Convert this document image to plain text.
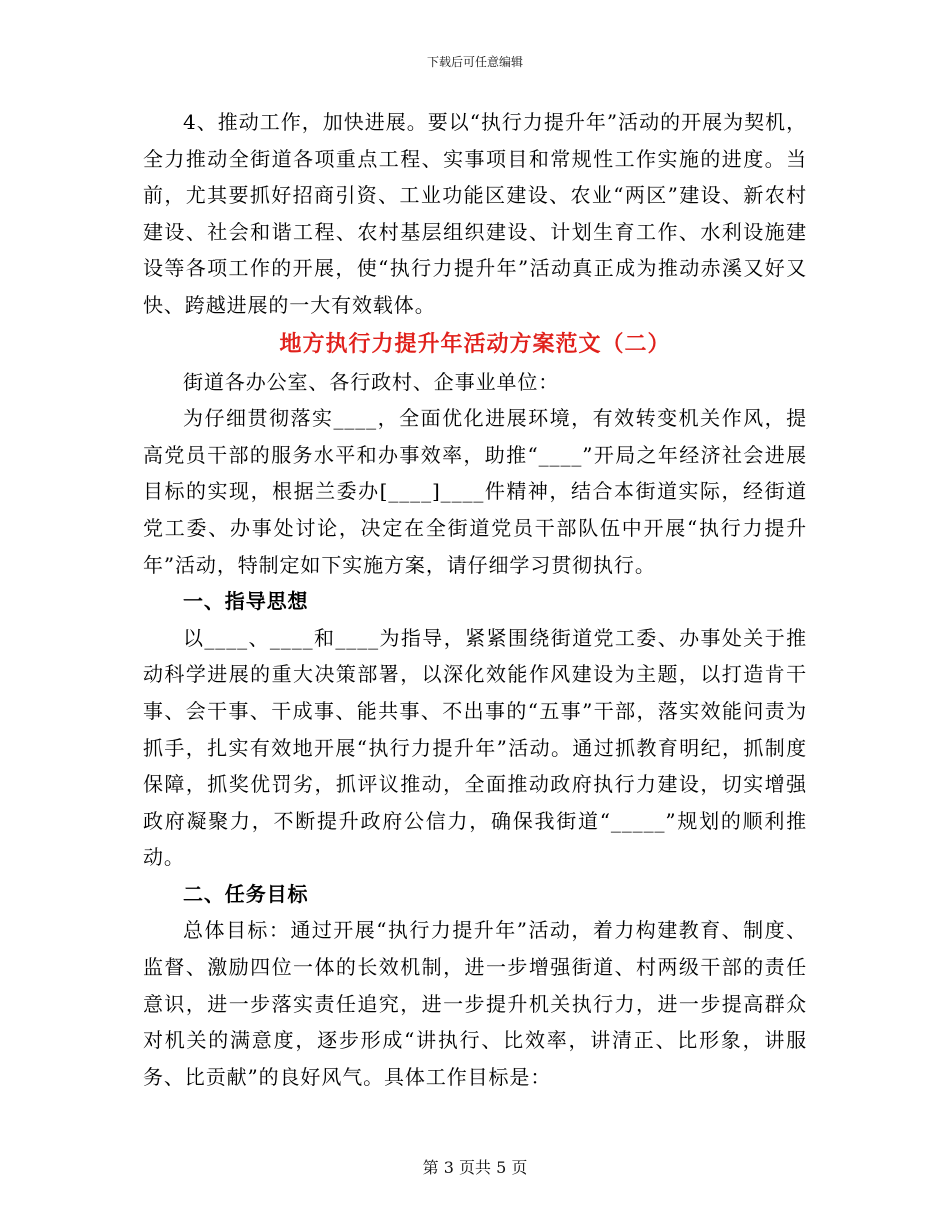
下载后可任意编辑

4、推动工作，加快进展。要以“执行力提升年”活动的开展为契机，全力推动全街道各项重点工程、实事项目和常规性工作实施的进度。当前，尤其要抓好招商引资、工业功能区建设、农业“两区”建设、新农村建设、社会和谐工程、农村基层组织建设、计划生育工作、水利设施建设等各项工作的开展，使“执行力提升年”活动真正成为推动赤溪又好又快、跨越进展的一大有效载体。

地方执行力提升年活动方案范文（二）

街道各办公室、各行政村、企事业单位：

为仔细贯彻落实____，全面优化进展环境，有效转变机关作风，提高党员干部的服务水平和办事效率，助推“____”开局之年经济社会进展目标的实现，根据兰委办[____]____件精神，结合本街道实际，经街道党工委、办事处讨论，决定在全街道党员干部队伍中开展“执行力提升年”活动，特制定如下实施方案，请仔细学习贯彻执行。

一、指导思想

以____、____和____为指导，紧紧围绕街道党工委、办事处关于推动科学进展的重大决策部署，以深化效能作风建设为主题，以打造肯干事、会干事、干成事、能共事、不出事的“五事”干部，落实效能问责为抓手，扎实有效地开展“执行力提升年”活动。通过抓教育明纪，抓制度保障，抓奖优罚劣，抓评议推动，全面推动政府执行力建设，切实增强政府凝聚力，不断提升政府公信力，确保我街道“_____”规划的顺利推动。

二、任务目标

总体目标：通过开展“执行力提升年”活动，着力构建教育、制度、监督、激励四位一体的长效机制，进一步增强街道、村两级干部的责任意识，进一步落实责任追究，进一步提升机关执行力，进一步提高群众对机关的满意度，逐步形成“讲执行、比效率，讲清正、比形象，讲服务、比贡献”的良好风气。具体工作目标是：

第 3 页共 5 页
